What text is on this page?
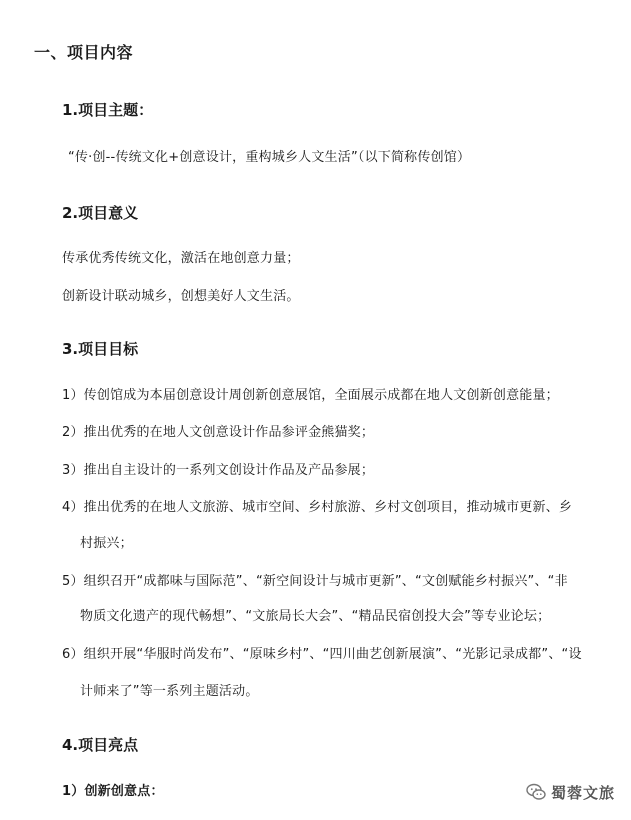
一、项目内容
1.项目主题：
“传·创--传统文化+创意设计，重构城乡人文生活”（以下简称传创馆）
2.项目意义
传承优秀传统文化，激活在地创意力量；
创新设计联动城乡，创想美好人文生活。
3.项目目标
1）传创馆成为本届创意设计周创新创意展馆，全面展示成都在地人文创新创意能量；
2）推出优秀的在地人文创意设计作品参评金熊猫奖；
3）推出自主设计的一系列文创设计作品及产品参展；
4）推出优秀的在地人文旅游、城市空间、乡村旅游、乡村文创项目，推动城市更新、乡
村振兴；
5）组织召开“成都味与国际范”、“新空间设计与城市更新”、“文创赋能乡村振兴”、“非
物质文化遗产的现代畅想”、“文旅局长大会”、“精品民宿创投大会”等专业论坛；
6）组织开展“华服时尚发布”、“原味乡村”、“四川曲艺创新展演”、“光影记录成都”、“设
计师来了”等一系列主题活动。
4.项目亮点
1）创新创意点：	蜀蓉文旅
